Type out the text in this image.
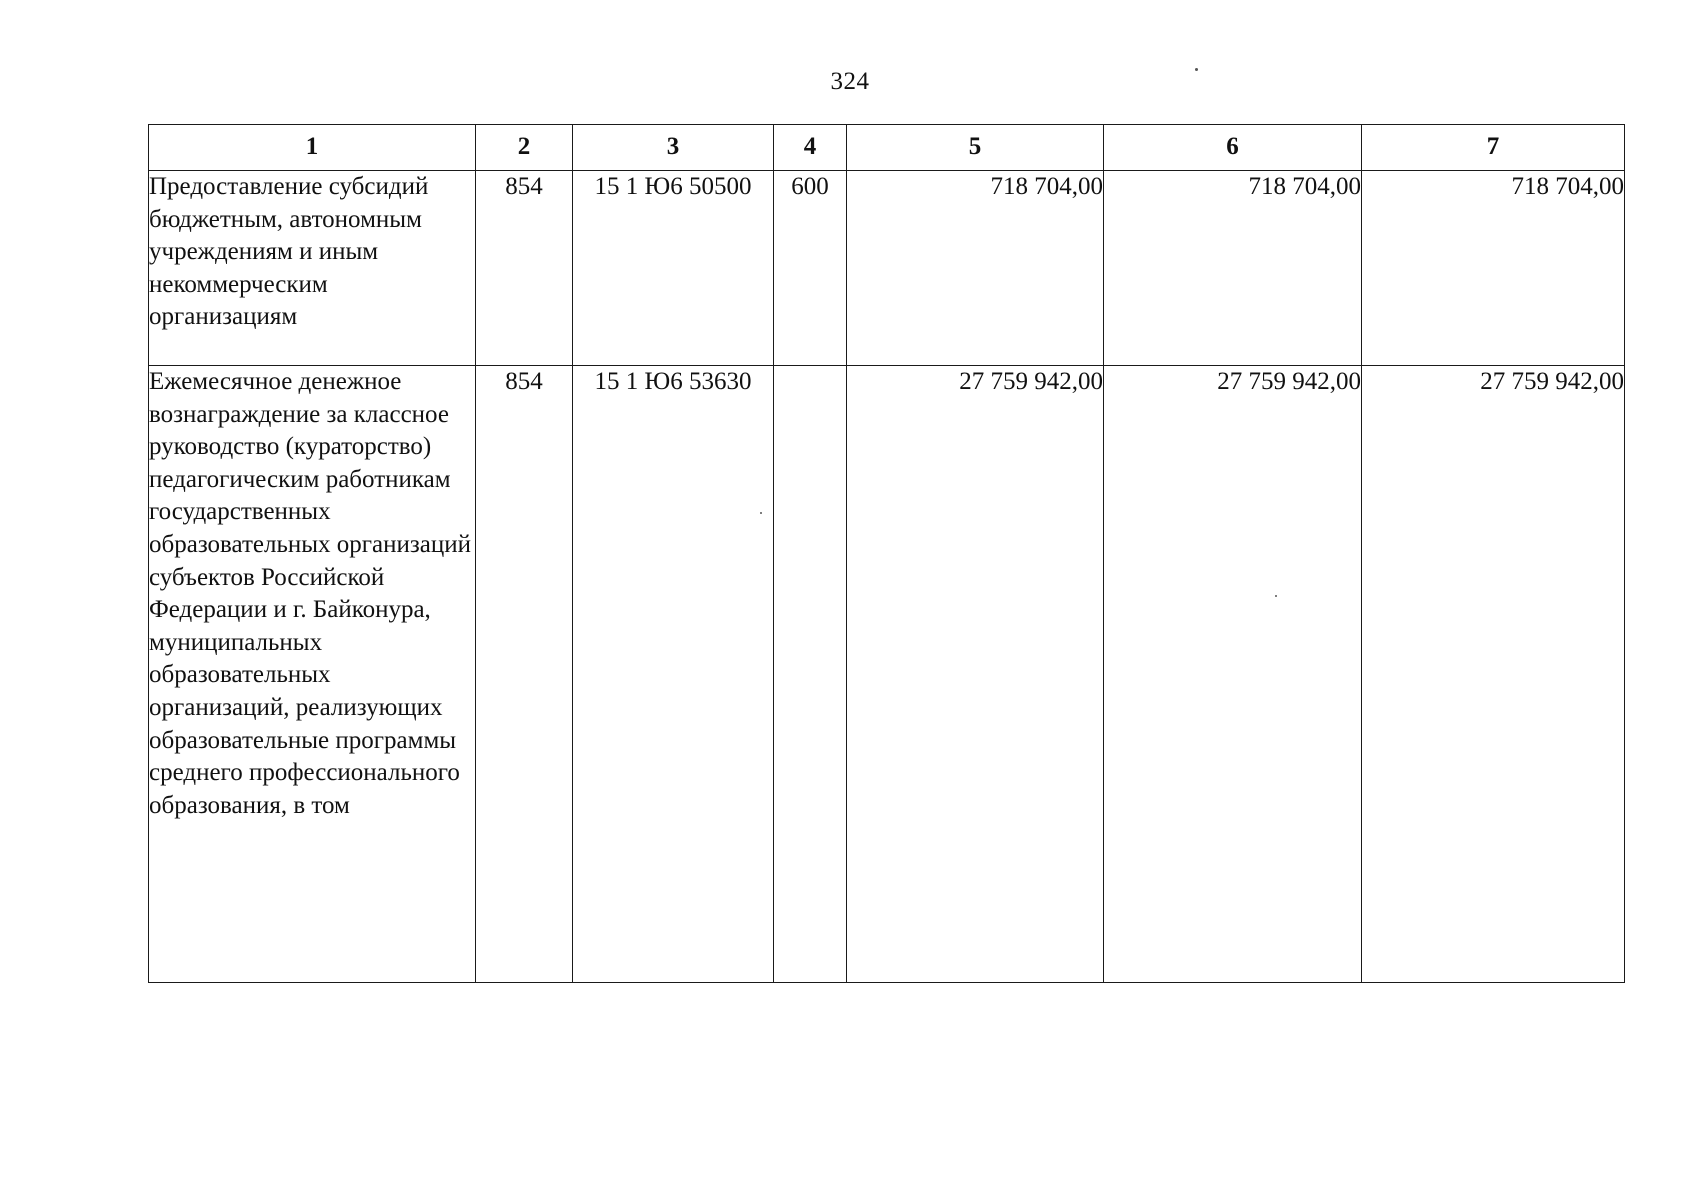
324
1	2	3	4	5	6	7
Предоставление субсидий бюджетным, автономным учреждениям и иным некоммерческим организациям	854	15 1 Ю6 50500	600	718 704,00	718 704,00	718 704,00
Ежемесячное денежное вознаграждение за классное руководство (кураторство) педагогическим работникам государственных образовательных организаций субъектов Российской Федерации и г. Байконура, муниципальных образовательных организаций, реализующих образовательные программы среднего профессионального образования, в том	854	15 1 Ю6 53630		27 759 942,00	27 759 942,00	27 759 942,00
